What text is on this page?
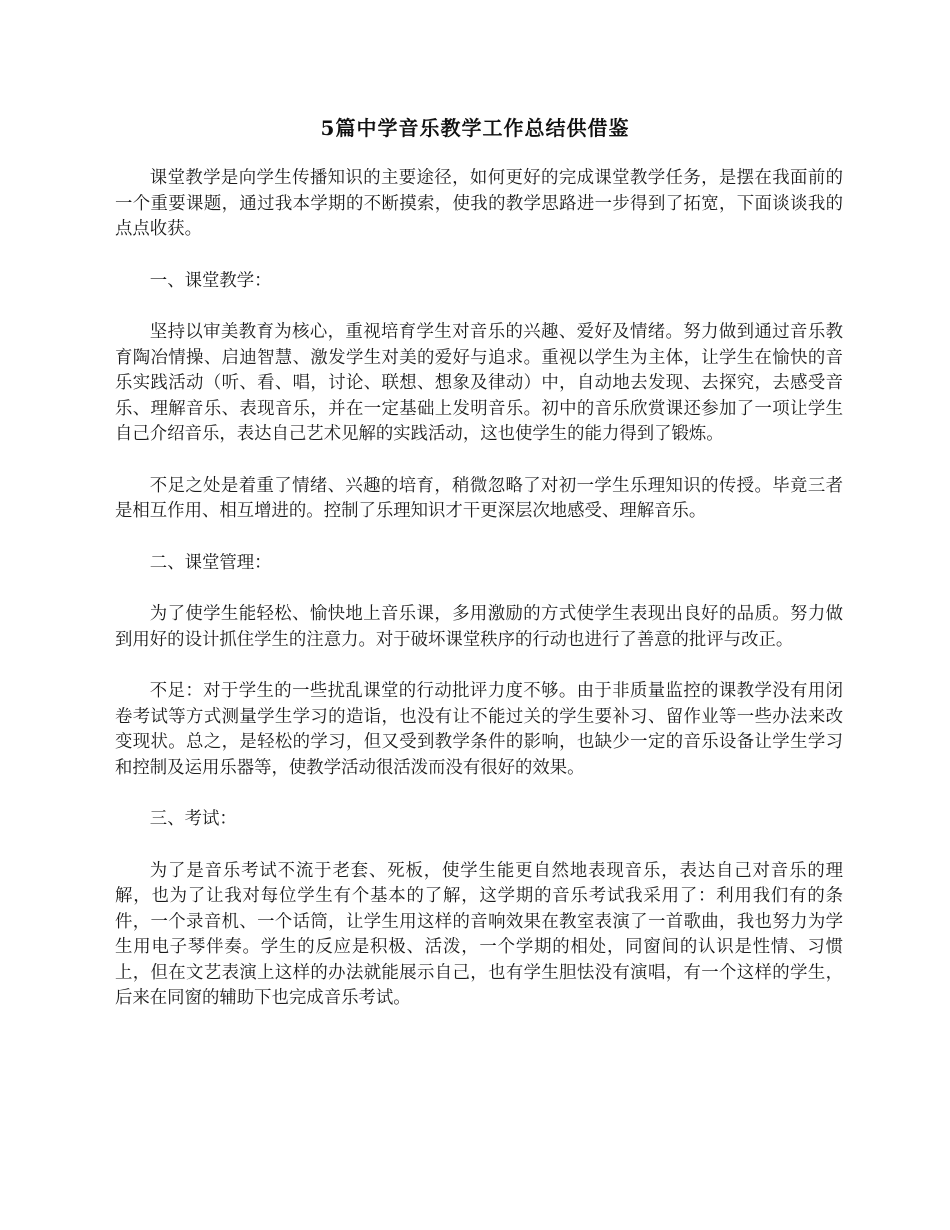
5篇中学音乐教学工作总结供借鉴

课堂教学是向学生传播知识的主要途径，如何更好的完成课堂教学任务，是摆在我面前的一个重要课题，通过我本学期的不断摸索，使我的教学思路进一步得到了拓宽，下面谈谈我的点点收获。

一、课堂教学：

坚持以审美教育为核心，重视培育学生对音乐的兴趣、爱好及情绪。努力做到通过音乐教育陶冶情操、启迪智慧、激发学生对美的爱好与追求。重视以学生为主体，让学生在愉快的音乐实践活动（听、看、唱，讨论、联想、想象及律动）中，自动地去发现、去探究，去感受音乐、理解音乐、表现音乐，并在一定基础上发明音乐。初中的音乐欣赏课还参加了一项让学生自己介绍音乐，表达自己艺术见解的实践活动，这也使学生的能力得到了锻炼。

不足之处是着重了情绪、兴趣的培育，稍微忽略了对初一学生乐理知识的传授。毕竟三者是相互作用、相互增进的。控制了乐理知识才干更深层次地感受、理解音乐。

二、课堂管理：

为了使学生能轻松、愉快地上音乐课，多用激励的方式使学生表现出良好的品质。努力做到用好的设计抓住学生的注意力。对于破坏课堂秩序的行动也进行了善意的批评与改正。

不足：对于学生的一些扰乱课堂的行动批评力度不够。由于非质量监控的课教学没有用闭卷考试等方式测量学生学习的造诣，也没有让不能过关的学生要补习、留作业等一些办法来改变现状。总之，是轻松的学习，但又受到教学条件的影响，也缺少一定的音乐设备让学生学习和控制及运用乐器等，使教学活动很活泼而没有很好的效果。

三、考试：

为了是音乐考试不流于老套、死板，使学生能更自然地表现音乐，表达自己对音乐的理解，也为了让我对每位学生有个基本的了解，这学期的音乐考试我采用了：利用我们有的条件，一个录音机、一个话筒，让学生用这样的音响效果在教室表演了一首歌曲，我也努力为学生用电子琴伴奏。学生的反应是积极、活泼，一个学期的相处，同窗间的认识是性情、习惯上，但在文艺表演上这样的办法就能展示自己，也有学生胆怯没有演唱，有一个这样的学生，后来在同窗的辅助下也完成音乐考试。
